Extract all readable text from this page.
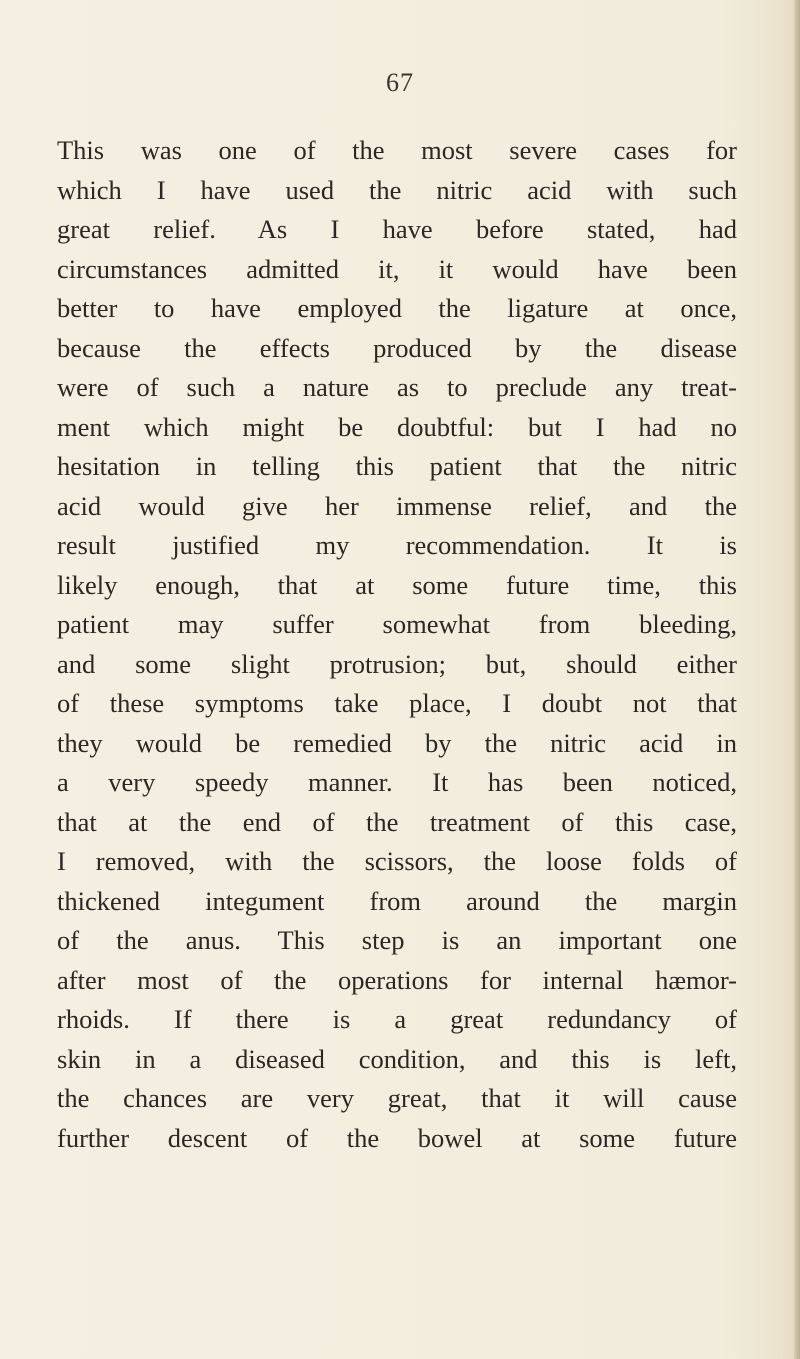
67
This was one of the most severe cases for
which I have used the nitric acid with such
great relief. As I have before stated, had
circumstances admitted it, it would have been
better to have employed the ligature at once,
because the effects produced by the disease
were of such a nature as to preclude any treat-
ment which might be doubtful: but I had no
hesitation in telling this patient that the nitric
acid would give her immense relief, and the
result justified my recommendation. It is
likely enough, that at some future time, this
patient may suffer somewhat from bleeding,
and some slight protrusion; but, should either
of these symptoms take place, I doubt not that
they would be remedied by the nitric acid in
a very speedy manner. It has been noticed,
that at the end of the treatment of this case,
I removed, with the scissors, the loose folds of
thickened integument from around the margin
of the anus. This step is an important one
after most of the operations for internal hæmor-
rhoids. If there is a great redundancy of
skin in a diseased condition, and this is left,
the chances are very great, that it will cause
further descent of the bowel at some future
